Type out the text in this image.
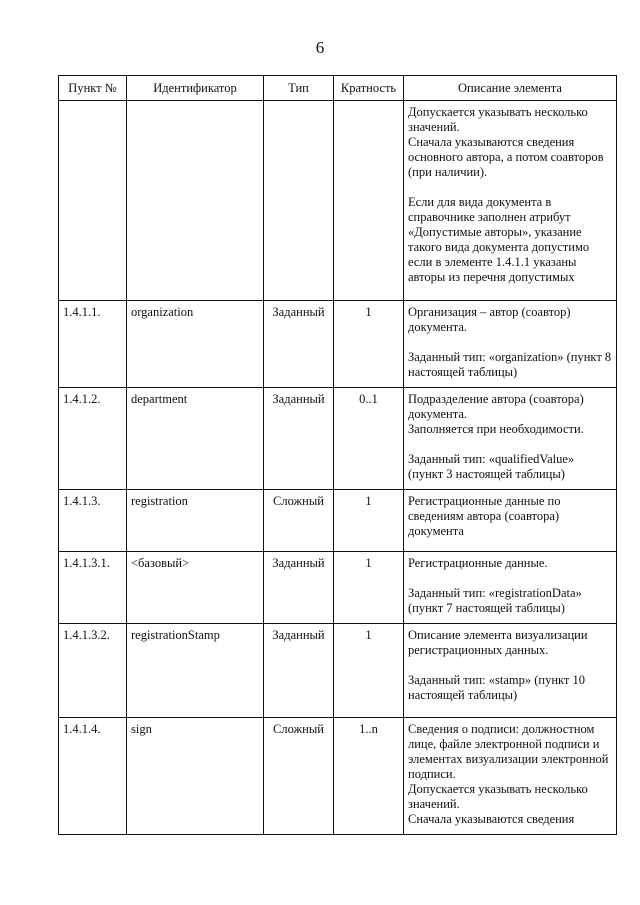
6
Пункт №	Идентификатор	Тип	Кратность	Описание элемента

				Допускается указывать несколько значений.
Сначала указываются сведения основного автора, а потом соавторов (при наличии).

Если для вида документа в справочнике заполнен атрибут «Допустимые авторы», указание такого вида документа допустимо если в элементе 1.4.1.1 указаны авторы из перечня допустимых

1.4.1.1.	organization	Заданный	1	Организация – автор (соавтор) документа.

Заданный тип: «organization» (пункт 8 настоящей таблицы)

1.4.1.2.	department	Заданный	0..1	Подразделение автора (соавтора) документа.
Заполняется при необходимости.

Заданный тип: «qualifiedValue» (пункт 3 настоящей таблицы)

1.4.1.3.	registration	Сложный	1	Регистрационные данные по сведениям автора (соавтора) документа

1.4.1.3.1.	<базовый>	Заданный	1	Регистрационные данные.

Заданный тип: «registrationData» (пункт 7 настоящей таблицы)

1.4.1.3.2.	registrationStamp	Заданный	1	Описание элемента визуализации регистрационных данных.

Заданный тип: «stamp» (пункт 10 настоящей таблицы)

1.4.1.4.	sign	Сложный	1..n	Сведения о подписи: должностном лице, файле электронной подписи и элементах визуализации электронной подписи.
Допускается указывать несколько значений.
Сначала указываются сведения
